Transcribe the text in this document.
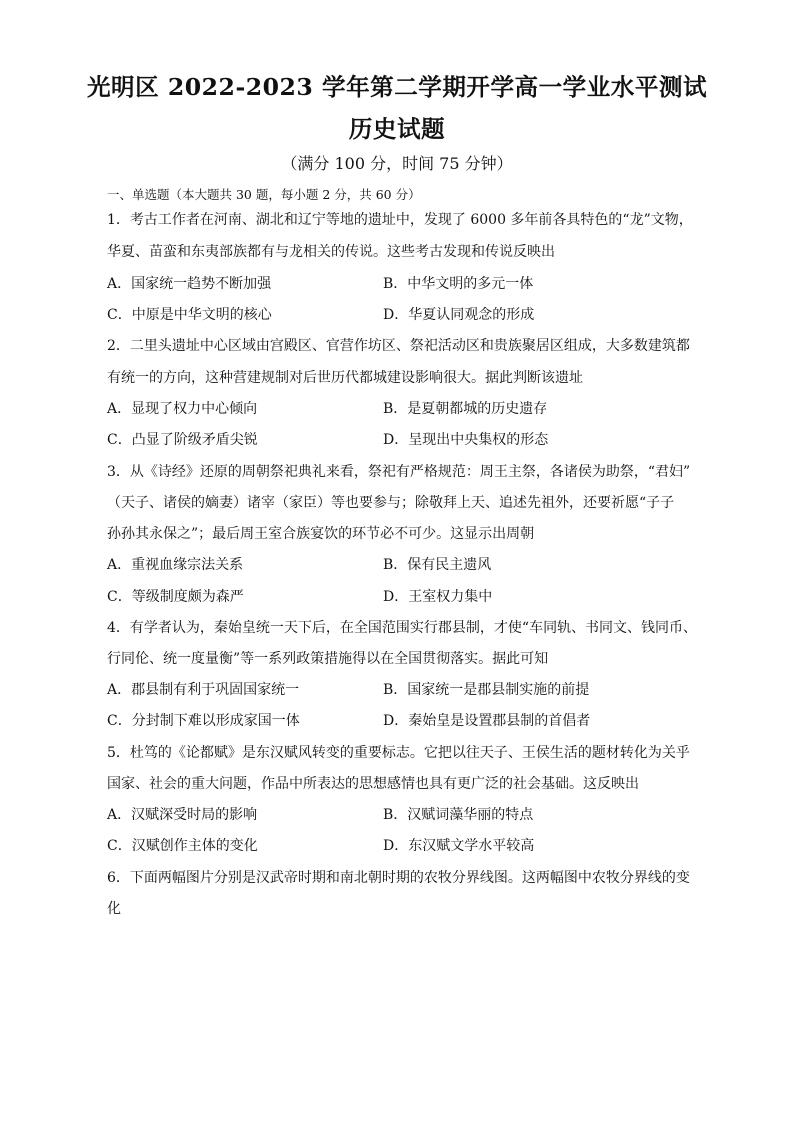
光明区 2022-2023 学年第二学期开学高一学业水平测试
历史试题
（满分 100 分，时间 75 分钟）
一、单选题（本大题共 30 题，每小题 2 分，共 60 分）
1．考古工作者在河南、湖北和辽宁等地的遗址中，发现了 6000 多年前各具特色的“龙”文物，
华夏、苗蛮和东夷部族都有与龙相关的传说。这些考古发现和传说反映出
A．国家统一趋势不断加强	B．中华文明的多元一体
C．中原是中华文明的核心	D．华夏认同观念的形成
2．二里头遗址中心区域由宫殿区、官营作坊区、祭祀活动区和贵族聚居区组成，大多数建筑都
有统一的方向，这种营建规制对后世历代都城建设影响很大。据此判断该遗址
A．显现了权力中心倾向	B．是夏朝都城的历史遗存
C．凸显了阶级矛盾尖锐	D．呈现出中央集权的形态
3．从《诗经》还原的周朝祭祀典礼来看，祭祀有严格规范：周王主祭，各诸侯为助祭，“君妇”
（天子、诸侯的嫡妻）诸宰（家臣）等也要参与；除敬拜上天、追述先祖外，还要祈愿“子子
孙孙其永保之”；最后周王室合族宴饮的环节必不可少。这显示出周朝
A．重视血缘宗法关系	B．保有民主遗风
C．等级制度颇为森严	D．王室权力集中
4．有学者认为，秦始皇统一天下后，在全国范围实行郡县制，才使“车同轨、书同文、钱同币、
行同伦、统一度量衡”等一系列政策措施得以在全国贯彻落实。据此可知
A．郡县制有利于巩固国家统一	B．国家统一是郡县制实施的前提
C．分封制下难以形成家国一体	D．秦始皇是设置郡县制的首倡者
5．杜笃的《论都赋》是东汉赋风转变的重要标志。它把以往天子、王侯生活的题材转化为关乎
国家、社会的重大问题，作品中所表达的思想感情也具有更广泛的社会基础。这反映出
A．汉赋深受时局的影响	B．汉赋词藻华丽的特点
C．汉赋创作主体的变化	D．东汉赋文学水平较高
6．下面两幅图片分别是汉武帝时期和南北朝时期的农牧分界线图。这两幅图中农牧分界线的变
化
